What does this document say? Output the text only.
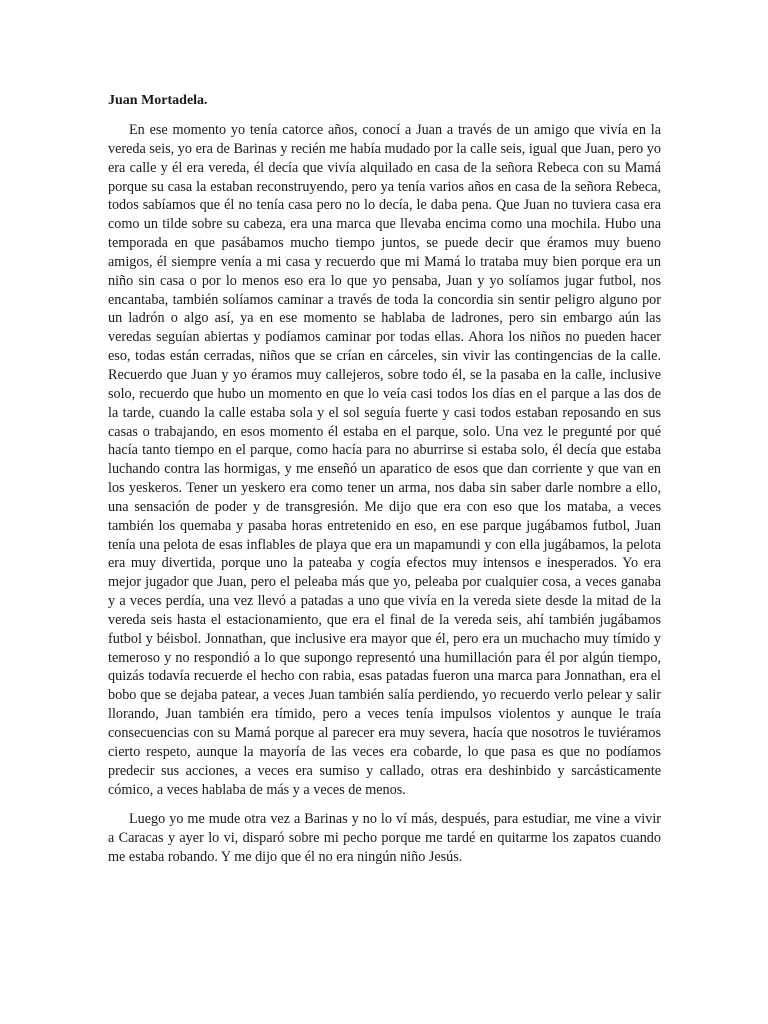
Juan Mortadela.

En ese momento yo tenía catorce años, conocí a Juan a través de un amigo que vivía en la vereda seis, yo era de Barinas y recién me había mudado por la calle seis, igual que Juan, pero yo era calle y él era vereda, él decía que vivía alquilado en casa de la señora Rebeca con su Mamá porque su casa la estaban reconstruyendo, pero ya tenía varios años en casa de la señora Rebeca, todos sabíamos que él no tenía casa pero no lo decía, le daba pena. Que Juan no tuviera casa era como un tilde sobre su cabeza, era una marca que llevaba encima como una mochila. Hubo una temporada en que pasábamos mucho tiempo juntos, se puede decir que éramos muy bueno amigos, él siempre venía a mi casa y recuerdo que mi Mamá lo trataba muy bien porque era un niño sin casa o por lo menos eso era lo que yo pensaba, Juan y yo solíamos jugar futbol, nos encantaba, también solíamos caminar a través de toda la concordia sin sentir peligro alguno por un ladrón o algo así, ya en ese momento se hablaba de ladrones, pero sin embargo aún las veredas seguían abiertas y podíamos caminar por todas ellas. Ahora los niños no pueden hacer eso, todas están cerradas, niños que se crían en cárceles, sin vivir las contingencias de la calle. Recuerdo que Juan y yo éramos muy callejeros, sobre todo él, se la pasaba en la calle, inclusive solo, recuerdo que hubo un momento en que lo veía casi todos los días en el parque a las dos de la tarde, cuando la calle estaba sola y el sol seguía fuerte y casi todos estaban reposando en sus casas o trabajando, en esos momento él estaba en el parque, solo. Una vez le pregunté por qué hacía tanto tiempo en el parque, como hacía para no aburrirse si estaba solo, él decía que estaba luchando contra las hormigas, y me enseñó un aparatico de esos que dan corriente y que van en los yeskeros. Tener un yeskero era como tener un arma, nos daba sin saber darle nombre a ello, una sensación de poder y de transgresión. Me dijo que era con eso que los mataba, a veces también los quemaba y pasaba horas entretenido en eso, en ese parque jugábamos futbol, Juan tenía una pelota de esas inflables de playa que era un mapamundi y con ella jugábamos, la pelota era muy divertida, porque uno la pateaba y cogía efectos muy intensos e inesperados. Yo era mejor jugador que Juan, pero el peleaba más que yo, peleaba por cualquier cosa, a veces ganaba y a veces perdía, una vez llevó a patadas a uno que vivía en la vereda siete desde la mitad de la vereda seis hasta el estacionamiento, que era el final de la vereda seis, ahí también jugábamos futbol y béisbol. Jonnathan, que inclusive era mayor que él, pero era un muchacho muy tímido y temeroso y no respondió a lo que supongo representó una humillación para él por algún tiempo, quizás todavía recuerde el hecho con rabia, esas patadas fueron una marca para Jonnathan, era el bobo que se dejaba patear, a veces Juan también salía perdiendo, yo recuerdo verlo pelear y salir llorando, Juan también era tímido, pero a veces tenía impulsos violentos y aunque le traía consecuencias con su Mamá porque al parecer era muy severa, hacía que nosotros le tuviéramos cierto respeto, aunque la mayoría de las veces era cobarde, lo que pasa es que no podíamos predecir sus acciones, a veces era sumiso y callado, otras era deshinbido y sarcásticamente cómico, a veces hablaba de más y a veces de menos.

Luego yo me mude otra vez a Barinas y no lo ví más, después, para estudiar, me vine a vivir a Caracas y ayer lo vi, disparó sobre mi pecho porque me tardé en quitarme los zapatos cuando me estaba robando. Y me dijo que él no era ningún niño Jesús.
